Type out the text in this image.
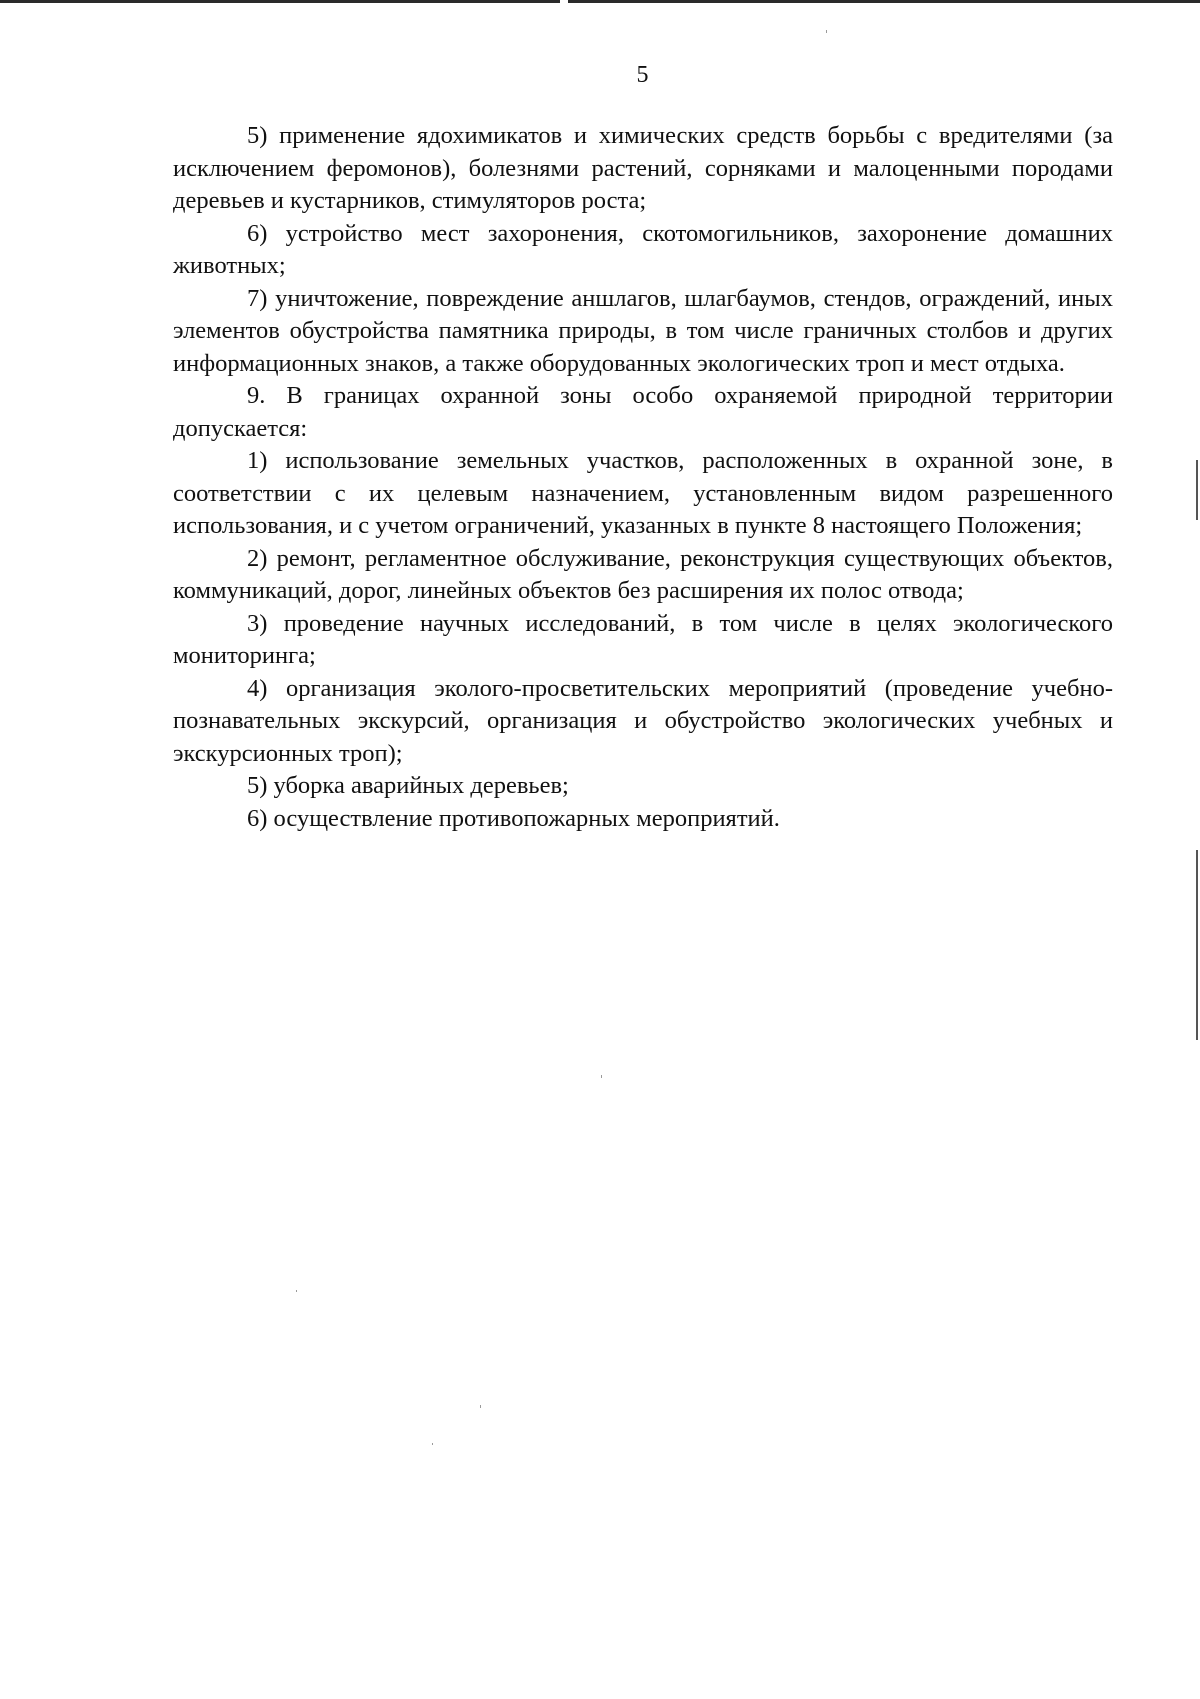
5

5) применение ядохимикатов и химических средств борьбы с вредителями (за исключением феромонов), болезнями растений, сорняками и малоценными породами деревьев и кустарников, стимуляторов роста;

6) устройство мест захоронения, скотомогильников, захоронение домашних животных;

7) уничтожение, повреждение аншлагов, шлагбаумов, стендов, ограждений, иных элементов обустройства памятника природы, в том числе граничных столбов и других информационных знаков, а также оборудованных экологических троп и мест отдыха.

9. В границах охранной зоны особо охраняемой природной территории допускается:

1) использование земельных участков, расположенных в охранной зоне, в соответствии с их целевым назначением, установленным видом разрешенного использования, и с учетом ограничений, указанных в пункте 8 настоящего Положения;

2) ремонт, регламентное обслуживание, реконструкция существующих объектов, коммуникаций, дорог, линейных объектов без расширения их полос отвода;

3) проведение научных исследований, в том числе в целях экологического мониторинга;

4) организация эколого-просветительских мероприятий (проведение учебно-познавательных экскурсий, организация и обустройство экологических учебных и экскурсионных троп);

5) уборка аварийных деревьев;

6) осуществление противопожарных мероприятий.
